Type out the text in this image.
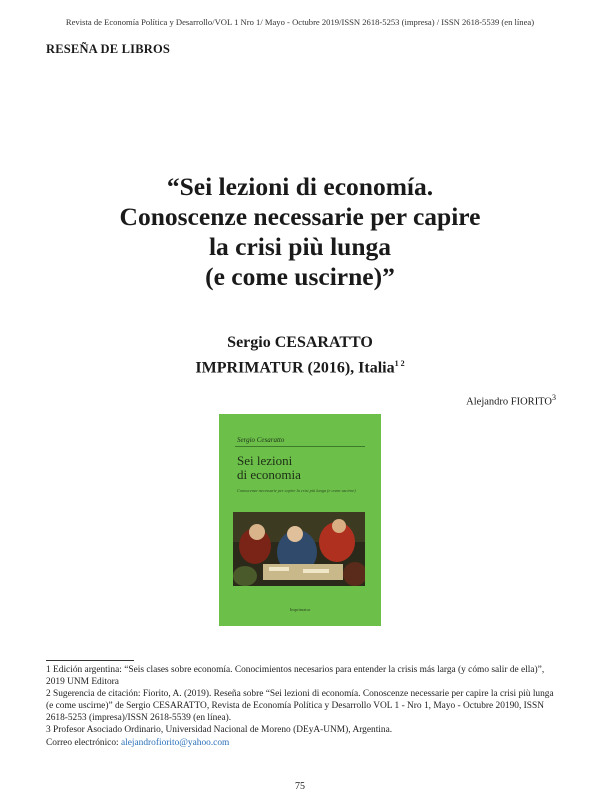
Revista de Economía Política y Desarrollo/VOL 1 Nro 1/ Mayo - Octubre 2019/ISSN 2618-5253 (impresa) / ISSN 2618-5539 (en línea)
RESEÑA DE LIBROS
“Sei lezioni di economía.
Conoscenze necessarie per capire
la crisi più lunga
(e come uscirne)”
Sergio CESARATTO
IMPRIMATUR (2016), Italia$^{1 2}$
Alejandro FIORITO$^3$
Sergio Cesaratto
Sei lezioni
di economia
Conoscenze necessarie per capire la crisi più lunga (e come uscirne)
Imprimatur

1 Edición argentina: “Seis clases sobre economía. Conocimientos necesarios para entender la crisis más larga (y cómo salir de ella)”, 2019 UNM Editora

2 Sugerencia de citación: Fiorito, A. (2019). Reseña sobre “Sei lezioni di economía. Conoscenze necessarie per capire la crisi più lunga (e come uscirne)” de Sergio CESARATTO, Revista de Economía Política y Desarrollo VOL 1 - Nro 1, Mayo - Octubre 20190, ISSN 2618-5253 (impresa)/ISSN 2618-5539 (en línea).

3 Profesor Asociado Ordinario, Universidad Nacional de Moreno (DEyA-UNM), Argentina.

Correo electrónico: alejandrofiorito@yahoo.com

75
